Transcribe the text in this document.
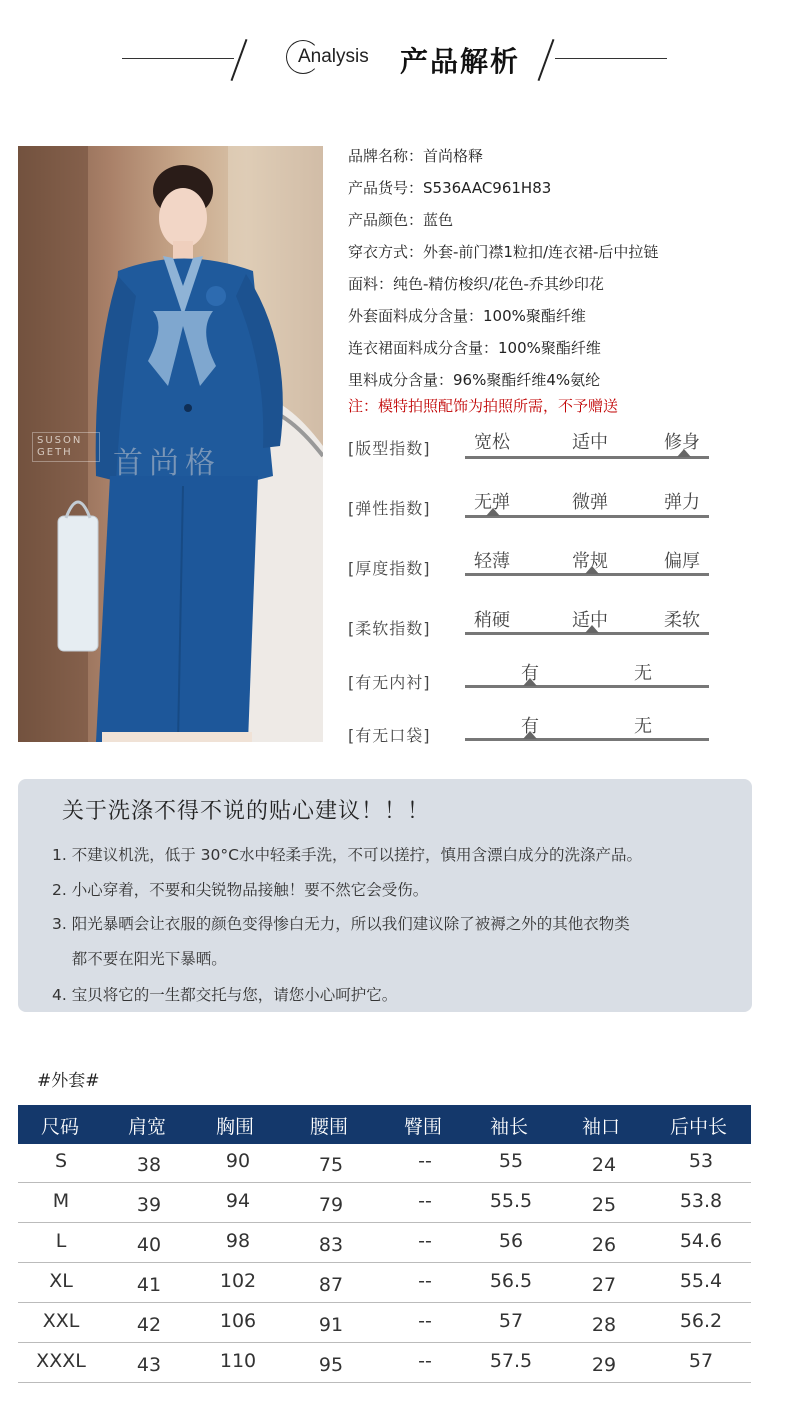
Analysis 产品解析
SUSON GETH	首尚格
品牌名称：首尚格释
产品货号：S536AAC961H83
产品颜色：蓝色
穿衣方式：外套-前门襟1粒扣/连衣裙-后中拉链
面料：纯色-精仿梭织/花色-乔其纱印花
外套面料成分含量：100%聚酯纤维
连衣裙面料成分含量：100%聚酯纤维
里料成分含量：96%聚酯纤维4%氨纶
注：模特拍照配饰为拍照所需，不予赠送
[版型指数] 宽松	适中	修身
[弹性指数] 无弹	微弹	弹力
[厚度指数] 轻薄	常规	偏厚
[柔软指数] 稍硬	适中	柔软
[有无内衬]	有	无
[有无口袋]	有	无
关于洗涤不得不说的贴心建议！！！
1. 不建议机洗，低于 30°C水中轻柔手洗，不可以搓拧，慎用含漂白成分的洗涤产品。
2. 小心穿着，不要和尖锐物品接触！要不然它会受伤。
3. 阳光暴晒会让衣服的颜色变得惨白无力，所以我们建议除了被褥之外的其他衣物类
都不要在阳光下暴晒。
4. 宝贝将它的一生都交托与您，请您小心呵护它。
#外套#
尺码	肩宽	胸围	腰围	臀围	袖长	袖口	后中长
S	38	90	75	--	55	24	53
M	39	94	79	--	55.5	25	53.8
L	40	98	83	--	56	26	54.6
XL	41	102	87	--	56.5	27	55.4
XXL	42	106	91	--	57	28	56.2
XXXL	43	110	95	--	57.5	29	57
